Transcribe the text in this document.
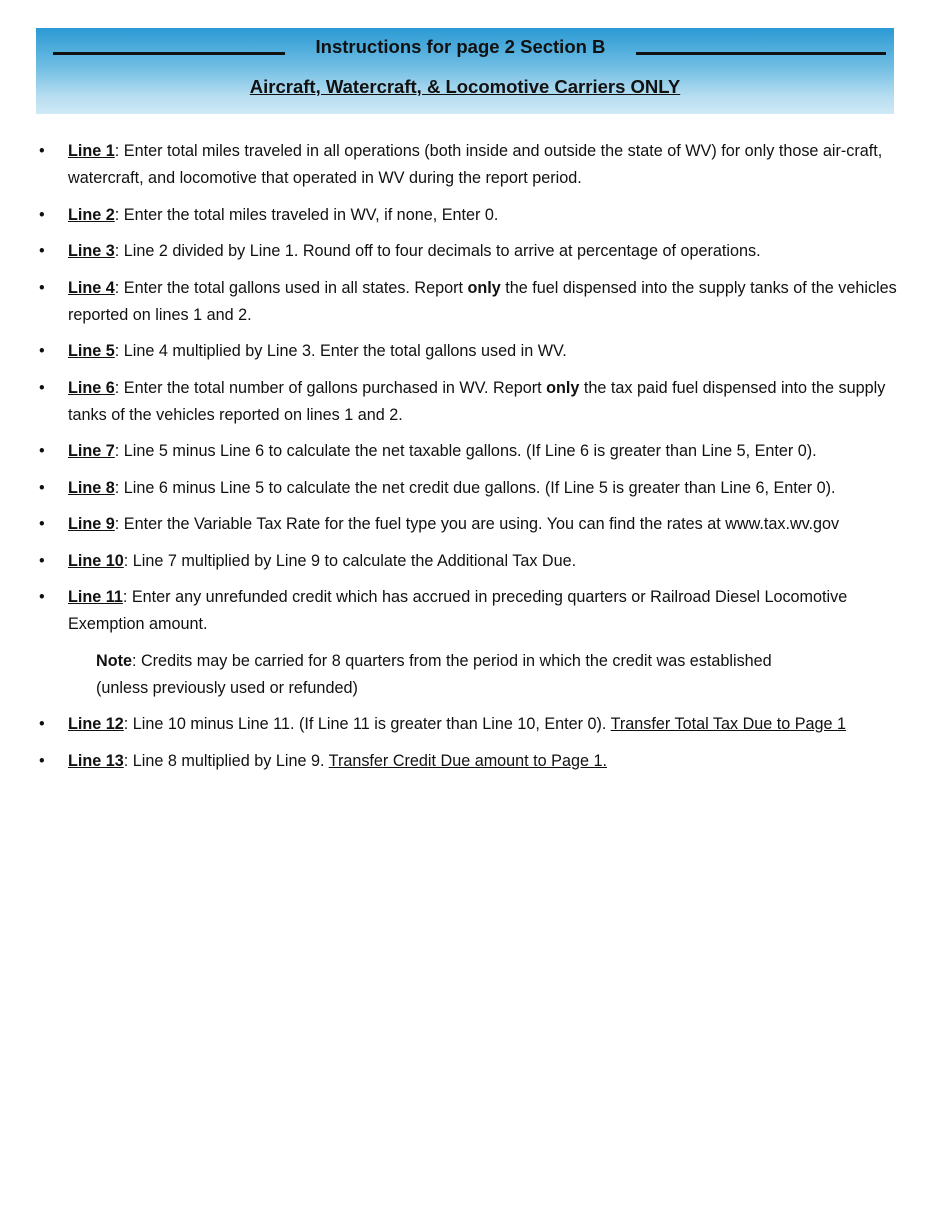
Instructions for page 2 Section B
Aircraft, Watercraft, & Locomotive Carriers ONLY
• Line 1: Enter total miles traveled in all operations (both inside and outside the state of WV) for only those air-craft, watercraft, and locomotive that operated in WV during the report period.
• Line 2: Enter the total miles traveled in WV, if none, Enter 0.
• Line 3: Line 2 divided by Line 1. Round off to four decimals to arrive at percentage of operations.
• Line 4: Enter the total gallons used in all states. Report only the fuel dispensed into the supply tanks of the vehicles reported on lines 1 and 2.
• Line 5: Line 4 multiplied by Line 3. Enter the total gallons used in WV.
• Line 6: Enter the total number of gallons purchased in WV. Report only the tax paid fuel dispensed into the supply tanks of the vehicles reported on lines 1 and 2.
• Line 7: Line 5 minus Line 6 to calculate the net taxable gallons. (If Line 6 is greater than Line 5, Enter 0).
• Line 8: Line 6 minus Line 5 to calculate the net credit due gallons. (If Line 5 is greater than Line 6, Enter 0).
• Line 9: Enter the Variable Tax Rate for the fuel type you are using. You can find the rates at www.tax.wv.gov
• Line 10: Line 7 multiplied by Line 9 to calculate the Additional Tax Due.
• Line 11: Enter any unrefunded credit which has accrued in preceding quarters or Railroad Diesel Locomotive Exemption amount.
Note: Credits may be carried for 8 quarters from the period in which the credit was established
(unless previously used or refunded)
• Line 12: Line 10 minus Line 11. (If Line 11 is greater than Line 10, Enter 0). Transfer Total Tax Due to Page 1
• Line 13: Line 8 multiplied by Line 9. Transfer Credit Due amount to Page 1.
